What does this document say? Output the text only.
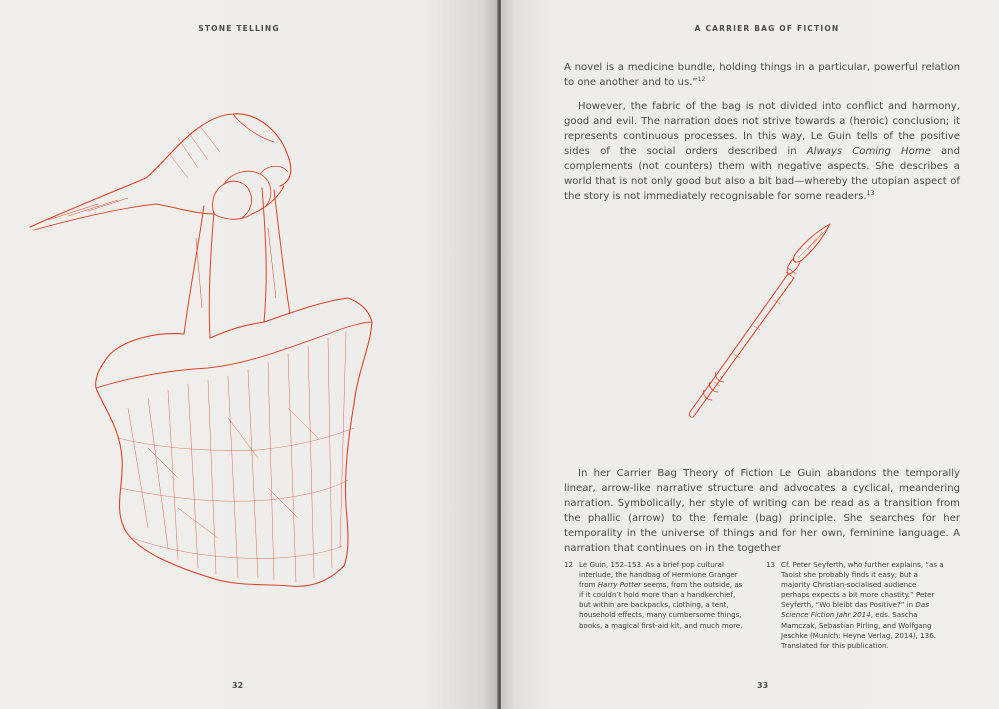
STONE TELLING
32
A CARRIER BAG OF FICTION

A novel is a medicine bundle, holding things in a particular, powerful relation to one another and to us.”$^{12}$

However, the fabric of the bag is not divided into conflict and harmony, good and evil. The narration does not strive towards a (heroic) conclusion; it represents continuous processes. In this way, Le Guin tells of the positive sides of the social orders described in Always Coming Home and complements (not counters) them with negative aspects. She describes a world that is not only good but also a bit bad—whereby the utopian aspect of the story is not immediately recognisable for some readers.$^{13}$

In her Carrier Bag Theory of Fiction Le Guin abandons the temporally linear, arrow-like narrative structure and advocates a cyclical, meandering narration. Symbolically, her style of writing can be read as a transition from the phallic (arrow) to the female (bag) principle. She searches for her temporality in the universe of things and for her own, feminine language. A narration that continues on in the together

12 Le Guin, 152–153. As a brief pop cultural interlude, the handbag of Hermione Granger from Harry Potter seems, from the outside, as if it couldn’t hold more than a handkerchief, but within are backpacks, clothing, a tent, household effects, many cumbersome things, books, a magical first-aid kit, and much more.
13 Cf. Peter Seyferth, who further explains, “as a Taoist she probably finds it easy; but a majority Christian-socialised audience perhaps expects a bit more chastity.” Peter Seyferth, “Wo bleibt das Positive?” in Das Science Fiction Jahr 2014, eds. Sascha Mamczak, Sebastian Pirling, and Wolfgang Jeschke (Munich: Heyne Verlag, 2014), 136. Translated for this publication.
33
